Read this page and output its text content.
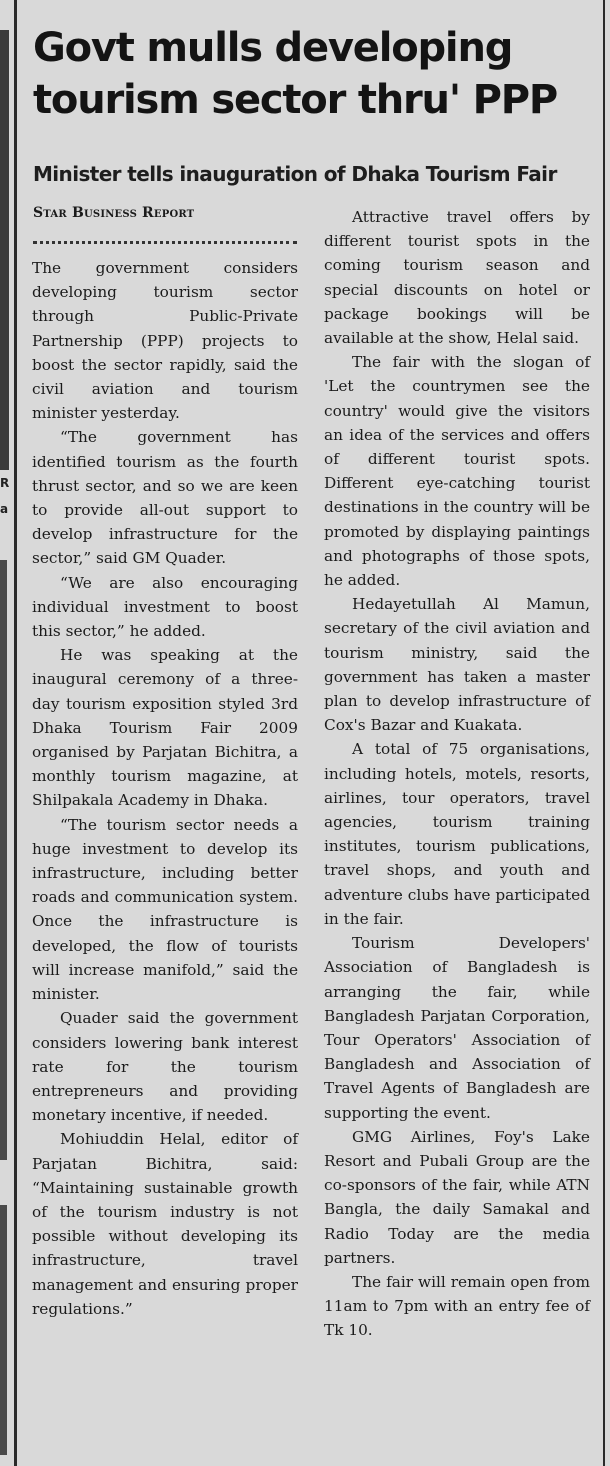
R
a
Govt mulls developing
tourism sector thru' PPP
Minister tells inauguration of Dhaka Tourism Fair
Star Business Report

The government considers developing tourism sector through Public-Private Partnership (PPP) projects to boost the sector rapidly, said the civil aviation and tourism minister yesterday.

“The government has identified tourism as the fourth thrust sector, and so we are keen to provide all-out support to develop infrastructure for the sector,” said GM Quader.

“We are also encouraging individual investment to boost this sector,” he added.

He was speaking at the inaugural ceremony of a three-day tourism exposition styled 3rd Dhaka Tourism Fair 2009 organised by Parjatan Bichitra, a monthly tourism magazine, at Shilpakala Academy in Dhaka.

“The tourism sector needs a huge investment to develop its infrastructure, including better roads and communication system. Once the infrastructure is developed, the flow of tourists will increase manifold,” said the minister.

Quader said the government considers lowering bank interest rate for the tourism entrepreneurs and providing monetary incentive, if needed.

Mohiuddin Helal, editor of Parjatan Bichitra, said: “Maintaining sustainable growth of the tourism industry is not possible without developing its infrastructure, travel management and ensuring proper regulations.”

Attractive travel offers by different tourist spots in the coming tourism season and special discounts on hotel or package bookings will be available at the show, Helal said.

The fair with the slogan of 'Let the countrymen see the country' would give the visitors an idea of the services and offers of different tourist spots. Different eye-catching tourist destinations in the country will be promoted by displaying paintings and photographs of those spots, he added.

Hedayetullah Al Mamun, secretary of the civil aviation and tourism ministry, said the government has taken a master plan to develop infrastructure of Cox's Bazar and Kuakata.

A total of 75 organisations, including hotels, motels, resorts, airlines, tour operators, travel agencies, tourism training institutes, tourism publications, travel shops, and youth and adventure clubs have participated in the fair.

Tourism Developers' Association of Bangladesh is arranging the fair, while Bangladesh Parjatan Corporation, Tour Operators' Association of Bangladesh and Association of Travel Agents of Bangladesh are supporting the event.

GMG Airlines, Foy's Lake Resort and Pubali Group are the co-sponsors of the fair, while ATN Bangla, the daily Samakal and Radio Today are the media partners.

The fair will remain open from 11am to 7pm with an entry fee of Tk 10.
